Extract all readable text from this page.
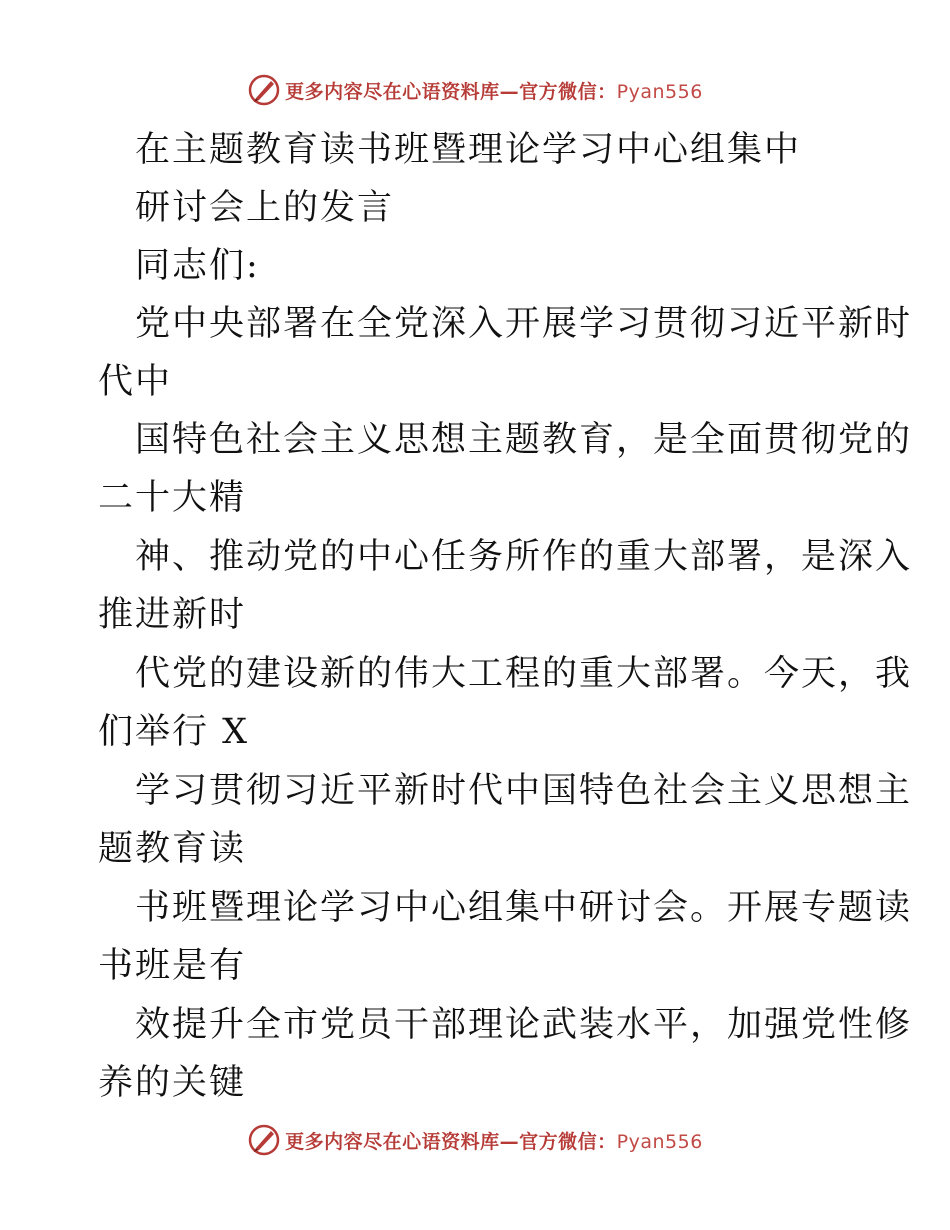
更多内容尽在心语资料库—官方微信：Pyan556
在主题教育读书班暨理论学习中心组集中
研讨会上的发言
同志们:
党中央部署在全党深入开展学习贯彻习近平新时
代中
国特色社会主义思想主题教育，是全面贯彻党的
二十大精
神、推动党的中心任务所作的重大部署，是深入
推进新时
代党的建设新的伟大工程的重大部署。今天，我
们举行 X
学习贯彻习近平新时代中国特色社会主义思想主
题教育读
书班暨理论学习中心组集中研讨会。开展专题读
书班是有
效提升全市党员干部理论武装水平，加强党性修
养的关键
更多内容尽在心语资料库—官方微信：Pyan556
